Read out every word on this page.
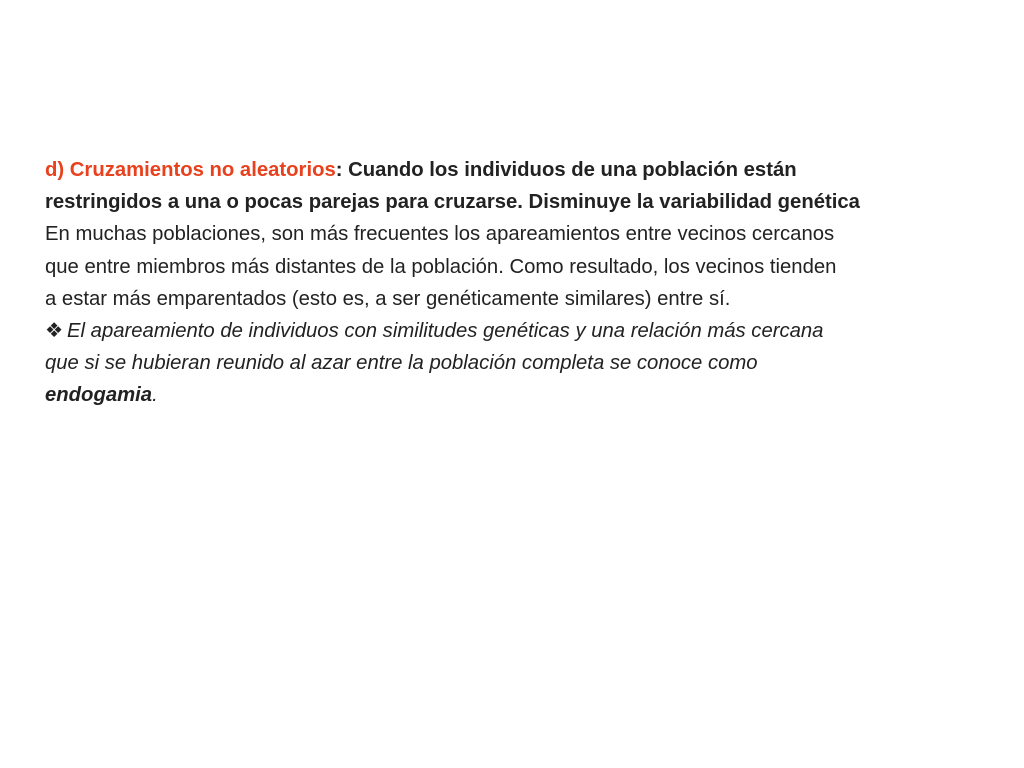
d) Cruzamientos no aleatorios: Cuando los individuos de una población están

restringidos a una o pocas parejas para cruzarse. Disminuye la variabilidad genética

En muchas poblaciones, son más frecuentes los apareamientos entre vecinos cercanos

que entre miembros más distantes de la población. Como resultado, los vecinos tienden

a estar más emparentados (esto es, a ser genéticamente similares) entre sí.

❖ El apareamiento de individuos con similitudes genéticas y una relación más cercana

que si se hubieran reunido al azar entre la población completa se conoce como

endogamia.
